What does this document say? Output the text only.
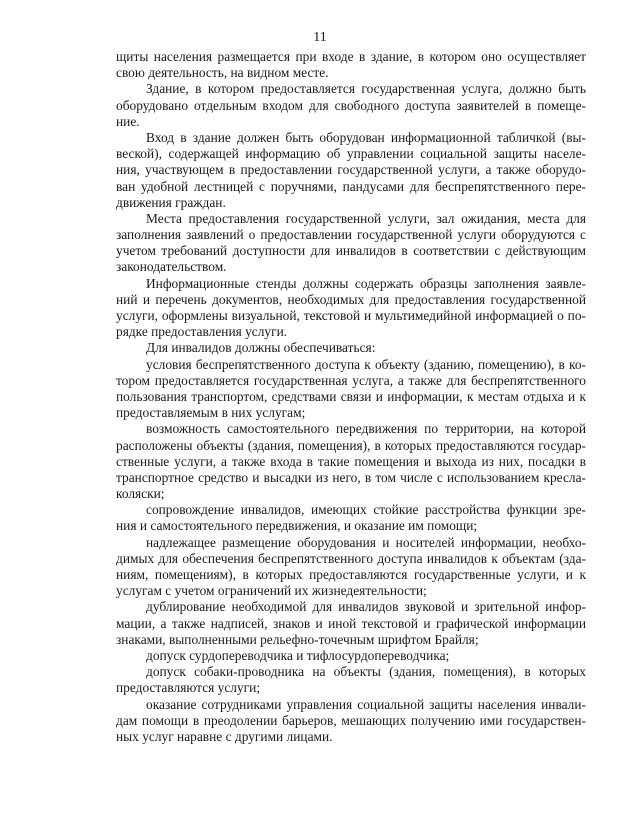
11
щиты населения размещается при входе в здание, в котором оно осуществляет
свою деятельность, на видном месте.
Здание, в котором предоставляется государственная услуга, должно быть
оборудовано отдельным входом для свободного доступа заявителей в помеще-
ние.
Вход в здание должен быть оборудован информационной табличкой (вы-
веской), содержащей информацию об управлении социальной защиты населе-
ния, участвующем в предоставлении государственной услуги, а также оборудо-
ван удобной лестницей с поручнями, пандусами для беспрепятственного пере-
движения граждан.
Места предоставления государственной услуги, зал ожидания, места для
заполнения заявлений о предоставлении государственной услуги оборудуются с
учетом требований доступности для инвалидов в соответствии с действующим
законодательством.
Информационные стенды должны содержать образцы заполнения заявле-
ний и перечень документов, необходимых для предоставления государственной
услуги, оформлены визуальной, текстовой и мультимедийной информацией о по-
рядке предоставления услуги.
Для инвалидов должны обеспечиваться:
условия беспрепятственного доступа к объекту (зданию, помещению), в ко-
тором предоставляется государственная услуга, а также для беспрепятственного
пользования транспортом, средствами связи и информации, к местам отдыха и к
предоставляемым в них услугам;
возможность самостоятельного передвижения по территории, на которой
расположены объекты (здания, помещения), в которых предоставляются государ-
ственные услуги, а также входа в такие помещения и выхода из них, посадки в
транспортное средство и высадки из него, в том числе с использованием кресла-
коляски;
сопровождение инвалидов, имеющих стойкие расстройства функции зре-
ния и самостоятельного передвижения, и оказание им помощи;
надлежащее размещение оборудования и носителей информации, необхо-
димых для обеспечения беспрепятственного доступа инвалидов к объектам (зда-
ниям, помещениям), в которых предоставляются государственные услуги, и к
услугам с учетом ограничений их жизнедеятельности;
дублирование необходимой для инвалидов звуковой и зрительной инфор-
мации, а также надписей, знаков и иной текстовой и графической информации
знаками, выполненными рельефно-точечным шрифтом Брайля;
допуск сурдопереводчика и тифлосурдопереводчика;
допуск собаки-проводника на объекты (здания, помещения), в которых
предоставляются услуги;
оказание сотрудниками управления социальной защиты населения инвали-
дам помощи в преодолении барьеров, мешающих получению ими государствен-
ных услуг наравне с другими лицами.
